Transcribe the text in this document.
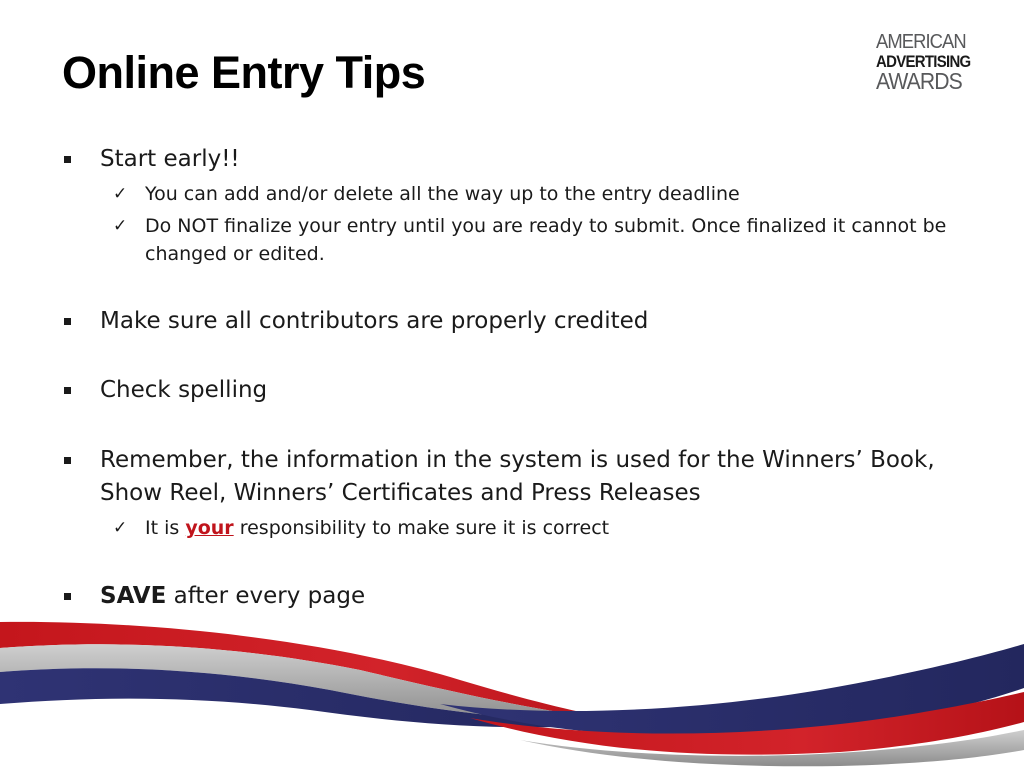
Online Entry Tips
AMERICAN
ADVERTISING
AWARDS
Start early!!
✓ You can add and/or delete all the way up to the entry deadline
✓ Do NOT finalize your entry until you are ready to submit. Once finalized it cannot be changed or edited.
Make sure all contributors are properly credited
Check spelling
Remember, the information in the system is used for the Winners’ Book, Show Reel, Winners’ Certificates and Press Releases
✓ It is your responsibility to make sure it is correct
SAVE after every page
